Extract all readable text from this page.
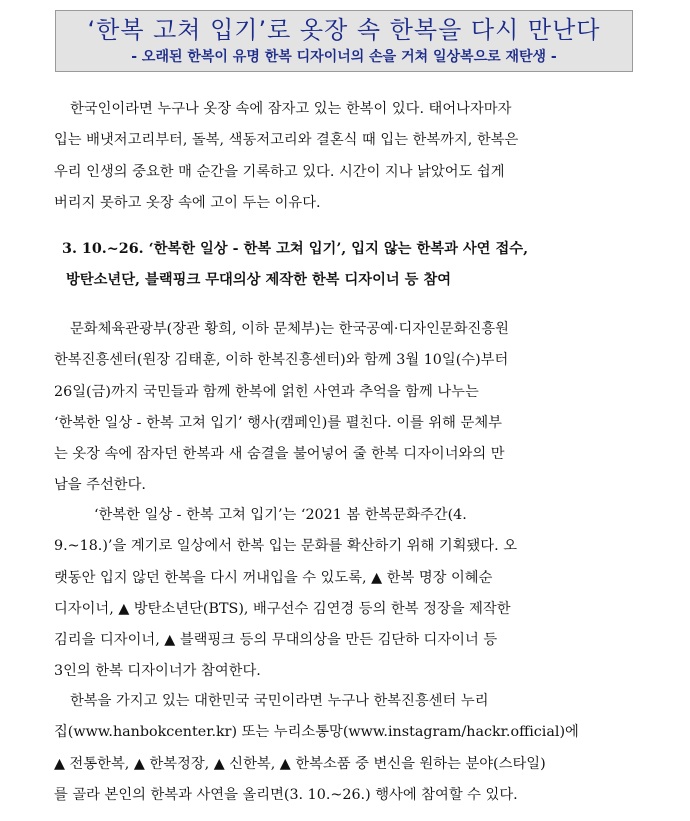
‘한복 고쳐 입기’로 옷장 속 한복을 다시 만난다
- 오래된 한복이 유명 한복 디자이너의 손을 거쳐 일상복으로 재탄생 -
한국인이라면 누구나 옷장 속에 잠자고 있는 한복이 있다. 태어나자마자
입는 배냇저고리부터, 돌복, 색동저고리와 결혼식 때 입는 한복까지, 한복은
우리 인생의 중요한 매 순간을 기록하고 있다. 시간이 지나 낡았어도 쉽게
버리지 못하고 옷장 속에 고이 두는 이유다.
3. 10.~26. ‘한복한 일상 - 한복 고쳐 입기’, 입지 않는 한복과 사연 접수,
방탄소년단, 블랙핑크 무대의상 제작한 한복 디자이너 등 참여
문화체육관광부(장관 황희, 이하 문체부)는 한국공예·디자인문화진흥원
한복진흥센터(원장 김태훈, 이하 한복진흥센터)와 함께 3월 10일(수)부터
26일(금)까지 국민들과 함께 한복에 얽힌 사연과 추억을 함께 나누는
‘한복한 일상 - 한복 고쳐 입기’ 행사(캠페인)를 펼친다. 이를 위해 문체부
는 옷장 속에 잠자던 한복과 새 숨결을 불어넣어 줄 한복 디자이너와의 만
남을 주선한다.
‘한복한 일상 - 한복 고쳐 입기’는 ‘2021 봄 한복문화주간(4.
9.~18.)’을 계기로 일상에서 한복 입는 문화를 확산하기 위해 기획됐다. 오
랫동안 입지 않던 한복을 다시 꺼내입을 수 있도록, ▲ 한복 명장 이혜순
디자이너, ▲ 방탄소년단(BTS), 배구선수 김연경 등의 한복 정장을 제작한
김리을 디자이너, ▲ 블랙핑크 등의 무대의상을 만든 김단하 디자이너 등
3인의 한복 디자이너가 참여한다.
한복을 가지고 있는 대한민국 국민이라면 누구나 한복진흥센터 누리
집(www.hanbokcenter.kr) 또는 누리소통망(www.instagram/hackr.official)에
▲ 전통한복, ▲ 한복정장, ▲ 신한복, ▲ 한복소품 중 변신을 원하는 분야(스타일)
를 골라 본인의 한복과 사연을 올리면(3. 10.~26.) 행사에 참여할 수 있다.
